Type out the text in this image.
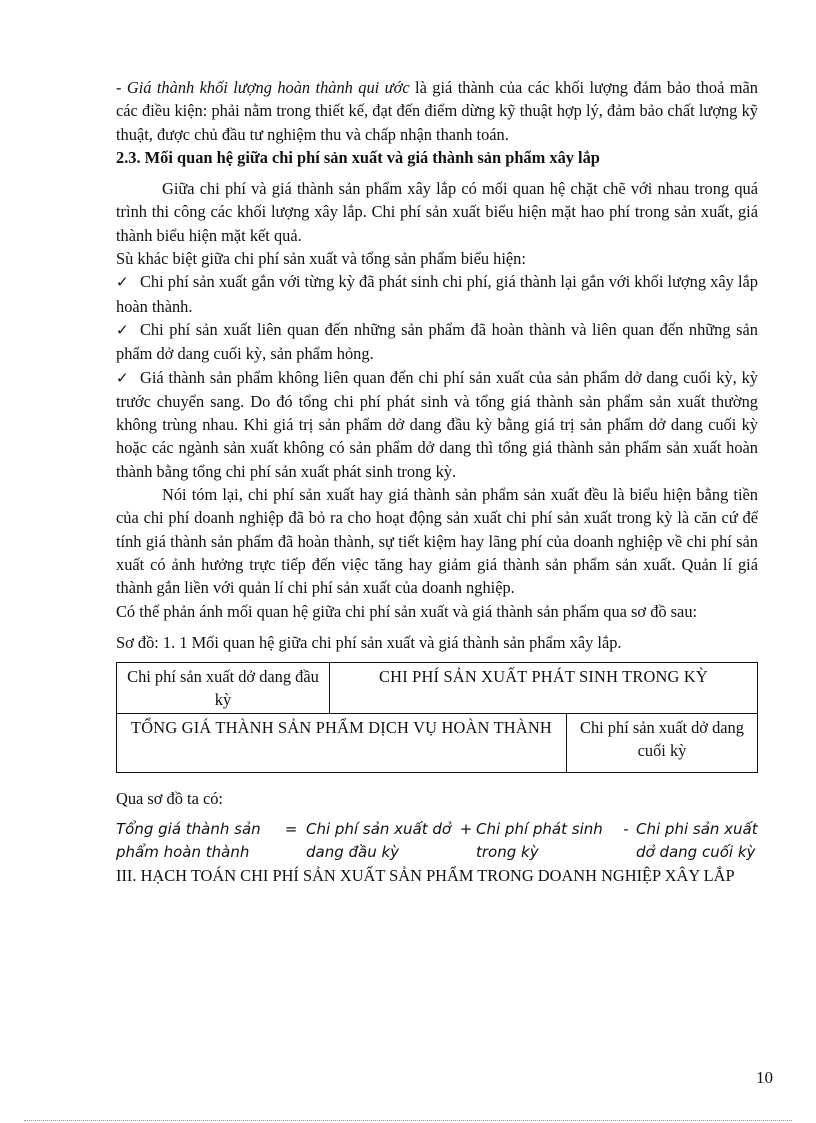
- Giá thành khối lượng hoàn thành qui ước là giá thành của các khối lượng đảm bảo thoả mãn các điều kiện: phải nằm trong thiết kế, đạt đến điểm dừng kỹ thuật hợp lý, đảm bảo chất lượng kỹ thuật, được chủ đầu tư nghiệm thu và chấp nhận thanh toán.

2.3. Mối quan hệ giữa chi phí sản xuất và giá thành sản phẩm xây lắp

Giữa chi phí và giá thành sản phẩm xây lắp có mối quan hệ chặt chẽ với nhau trong quá trình thi công các khối lượng xây lắp. Chi phí sản xuất biểu hiện mặt hao phí trong sản xuất, giá thành biểu hiện mặt kết quả.

Sù khác biệt giữa chi phí sản xuất và tổng sản phẩm biểu hiện:

✓ Chi phí sản xuất gắn với từng kỳ đã phát sinh chi phí, giá thành lại gắn với khối lượng xây lắp hoàn thành.

✓ Chi phí sản xuất liên quan đến những sản phẩm đã hoàn thành và liên quan đến những sản phẩm dở dang cuối kỳ, sản phẩm hỏng.

✓ Giá thành sản phẩm không liên quan đến chi phí sản xuất của sản phẩm dở dang cuối kỳ, kỳ trước chuyển sang. Do đó tổng chi phí phát sinh và tổng giá thành sản phẩm sản xuất thường không trùng nhau. Khi giá trị sản phẩm dở dang đầu kỳ bằng giá trị sản phẩm dở dang cuối kỳ hoặc các ngành sản xuất không có sản phẩm dở dang thì tổng giá thành sản phẩm sản xuất hoàn thành bằng tổng chi phí sản xuất phát sinh trong kỳ.

Nói tóm lại, chi phí sản xuất hay giá thành sản phẩm sản xuất đều là biểu hiện bằng tiền của chi phí doanh nghiệp đã bỏ ra cho hoạt động sản xuất chi phí sản xuất trong kỳ là căn cứ để tính giá thành sản phẩm đã hoàn thành, sự tiết kiệm hay lãng phí của doanh nghiệp về chi phí sản xuất có ảnh hưởng trực tiếp đến việc tăng hay giảm giá thành sản phẩm sản xuất. Quản lí giá thành gắn liền với quản lí chi phí sản xuất của doanh nghiệp.

Có thể phản ánh mối quan hệ giữa chi phí sản xuất và giá thành sản phẩm qua sơ đồ sau:

Sơ đồ: 1. 1 Mối quan hệ giữa chi phí sản xuất và giá thành sản phẩm xây lắp.

Chi phí sản xuất dở dang đầu kỳ	CHI PHÍ SẢN XUẤT PHÁT SINH TRONG KỲ	
TỔNG GIÁ THÀNH SẢN PHẨM DỊCH VỤ HOÀN THÀNH		Chi phí sản xuất dở dang cuối kỳ

Qua sơ đồ ta có:

Tổng giá thành sản phẩm hoàn thành
= Chi phí sản xuất dở dang đầu kỳ
+ Chi phí phát sinh trong kỳ
- Chi phi sản xuất dở dang cuối kỳ

III. HẠCH TOÁN CHI PHÍ SẢN XUẤT SẢN PHẨM TRONG DOANH NGHIỆP XÂY LẮP

10
